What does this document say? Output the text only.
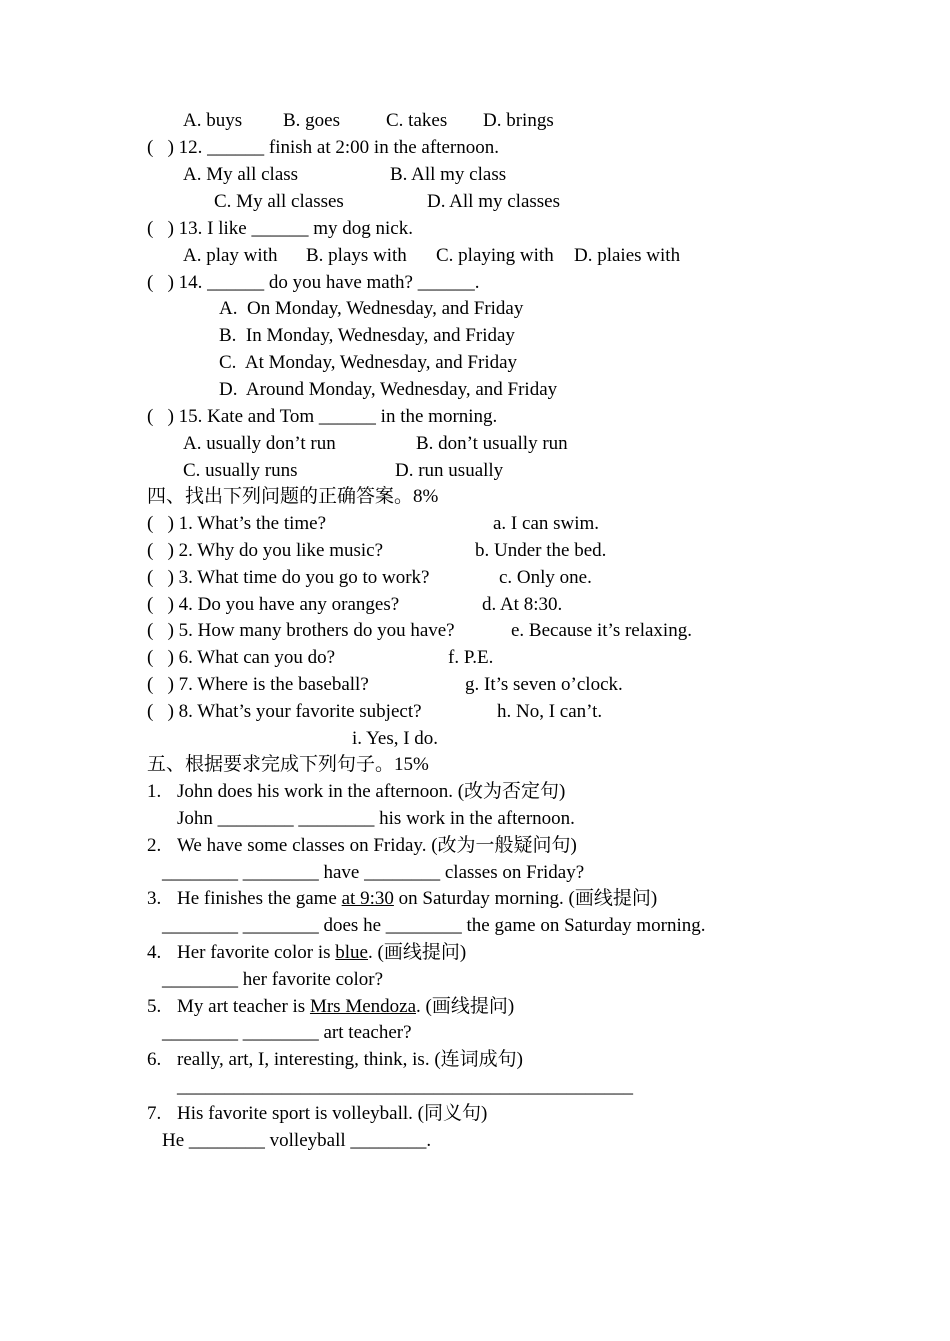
A. buys B. goes C. takes D. brings
(   ) 12. ______ finish at 2:00 in the afternoon.
A. My all class	B. All my class
C. My all classes	D. All my classes
(   ) 13. I like ______ my dog nick.
A. play with B. plays with C. playing with D. plaies with
(   ) 14. ______ do you have math? ______.
A.  On Monday, Wednesday, and Friday
B.  In Monday, Wednesday, and Friday
C.  At Monday, Wednesday, and Friday
D.  Around Monday, Wednesday, and Friday
(   ) 15. Kate and Tom ______ in the morning.
A. usually don’t run	B. don’t usually run
C. usually runs	D. run usually
四、找出下列问题的正确答案。8%
(   ) 1. What’s the time?	a. I can swim.
(   ) 2. Why do you like music?	b. Under the bed.
(   ) 3. What time do you go to work?	c. Only one.
(   ) 4. Do you have any oranges?	d. At 8:30.
(   ) 5. How many brothers do you have?	e. Because it’s relaxing.
(   ) 6. What can you do?	f. P.E.
(   ) 7. Where is the baseball?	g. It’s seven o’clock.
(   ) 8. What’s your favorite subject?	h. No, I can’t.
i. Yes, I do.
五、根据要求完成下列句子。15%
1. John does his work in the afternoon. (改为否定句)
John ________ ________ his work in the afternoon.
2. We have some classes on Friday. (改为一般疑问句)
________ ________ have ________ classes on Friday?
3. He finishes the game at 9:30 on Saturday morning. (画线提问)
________ ________ does he ________ the game on Saturday morning.
4. Her favorite color is blue. (画线提问)
________ her favorite color?
5. My art teacher is Mrs Mendoza. (画线提问)
________ ________ art teacher?
6. really, art, I, interesting, think, is. (连词成句)
________________________________________________
7. His favorite sport is volleyball. (同义句)
He ________ volleyball ________.
